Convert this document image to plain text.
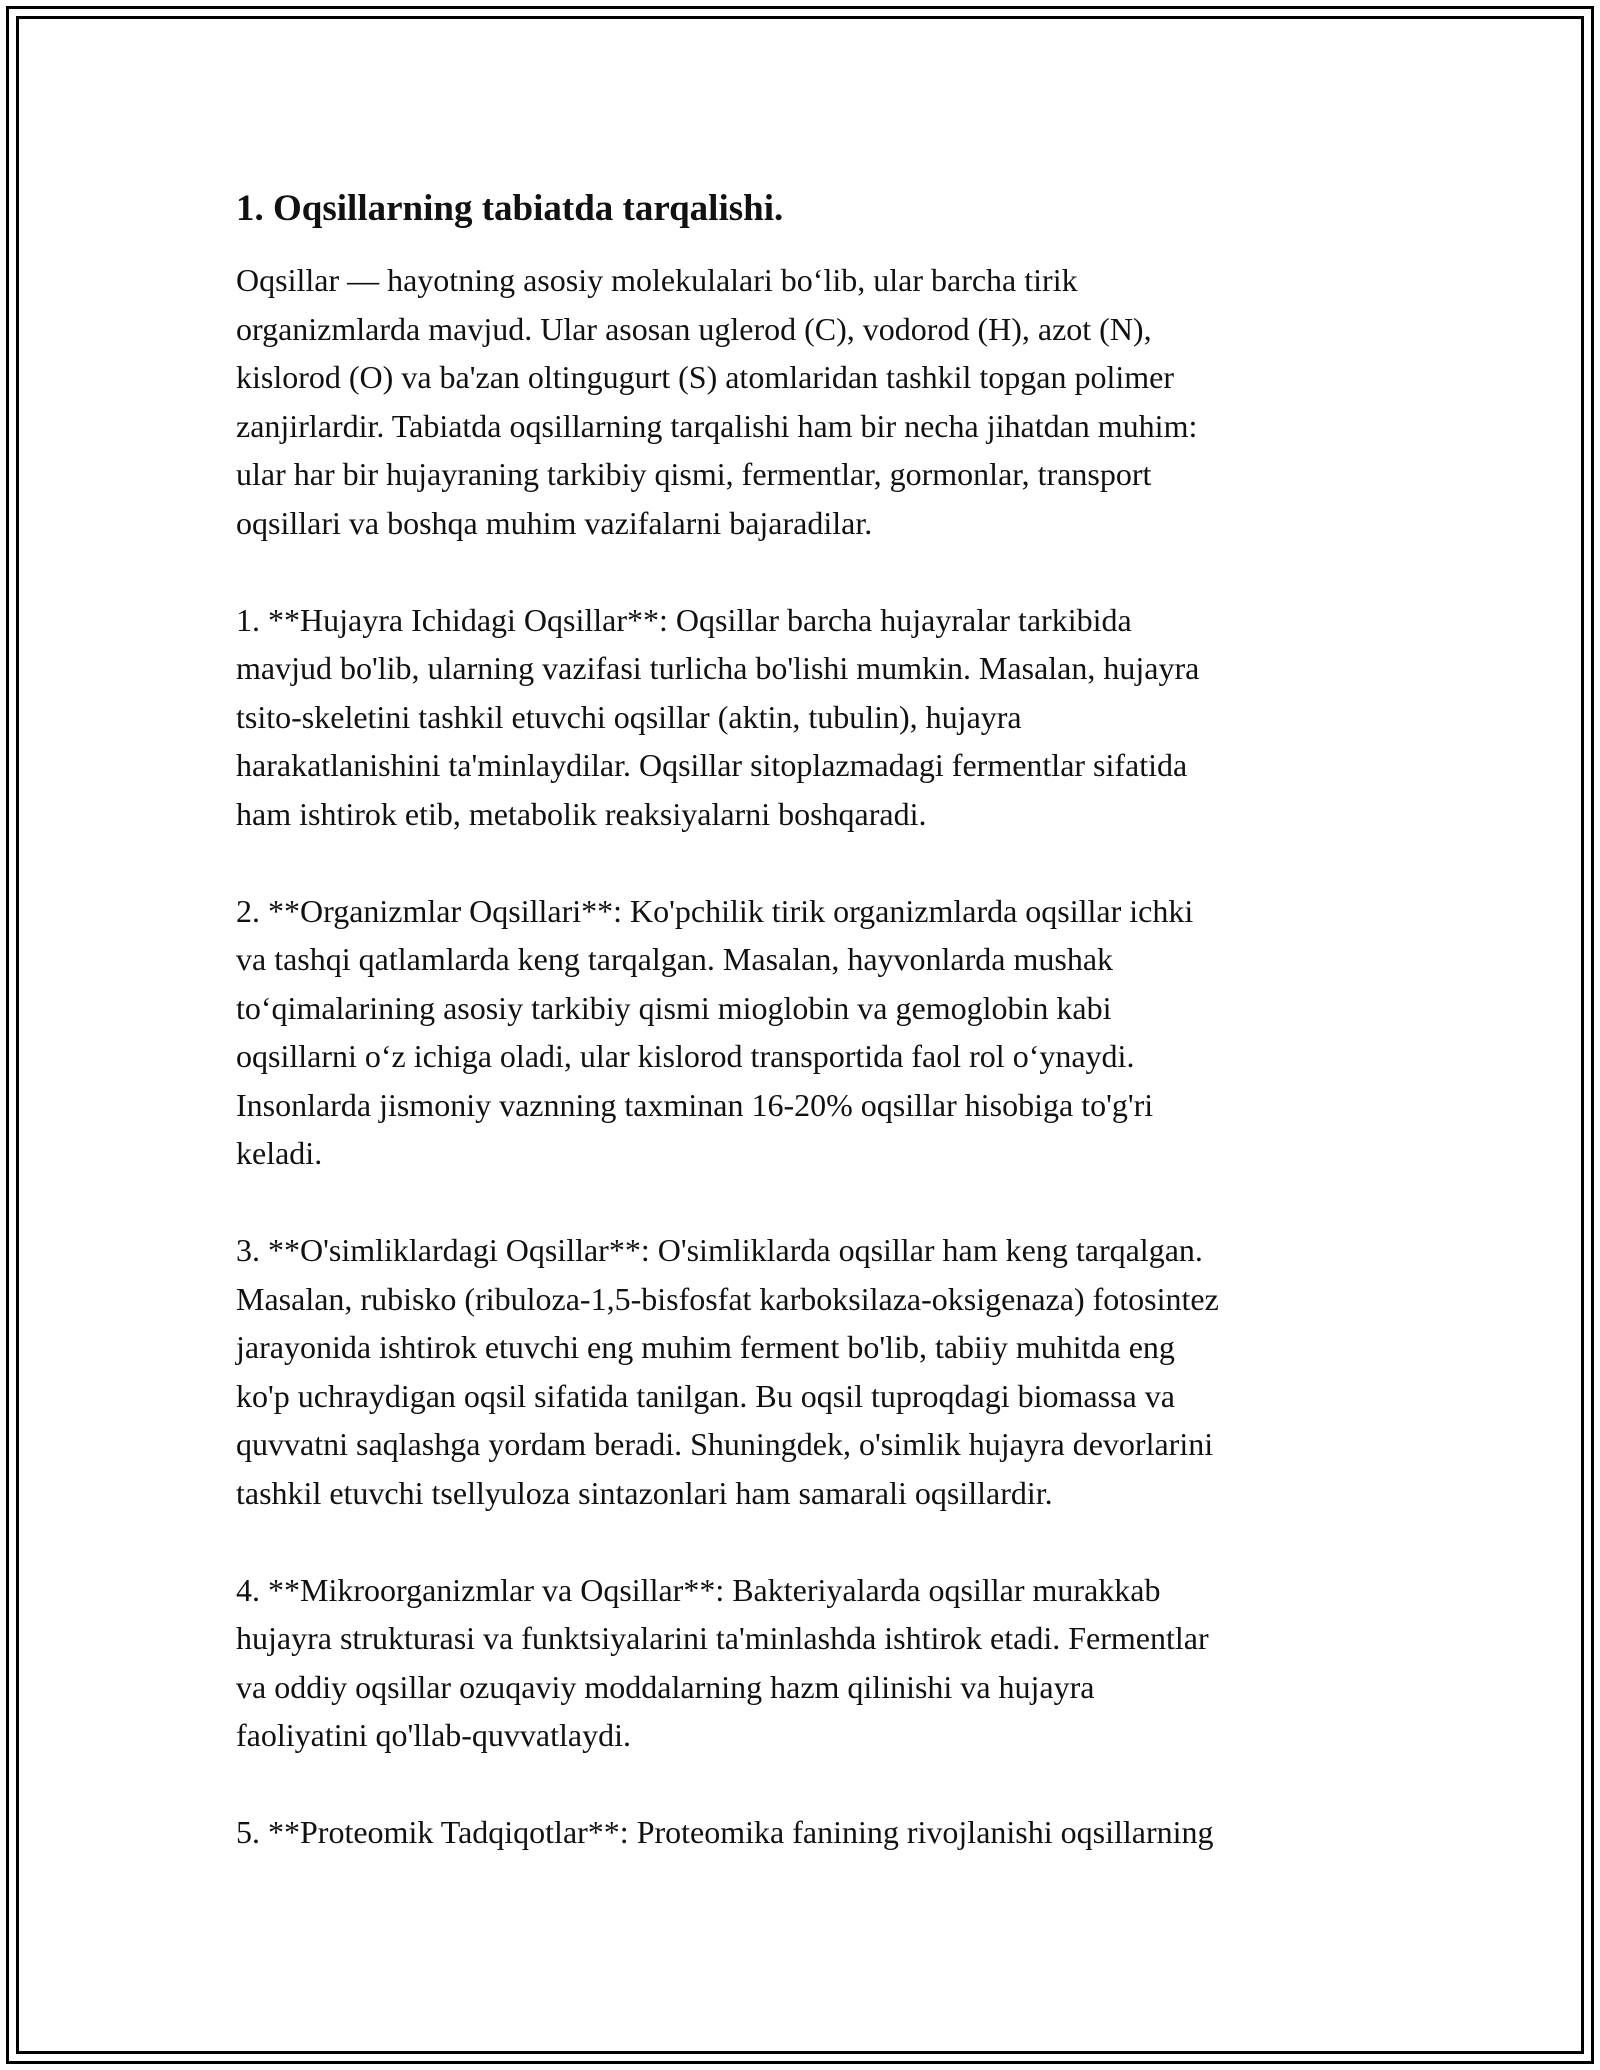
1. Oqsillarning tabiatda tarqalishi.

Oqsillar — hayotning asosiy molekulalari bo‘lib, ular barcha tirik
organizmlarda mavjud. Ular asosan uglerod (C), vodorod (H), azot (N),
kislorod (O) va ba'zan oltingugurt (S) atomlaridan tashkil topgan polimer
zanjirlardir. Tabiatda oqsillarning tarqalishi ham bir necha jihatdan muhim:
ular har bir hujayraning tarkibiy qismi, fermentlar, gormonlar, transport
oqsillari va boshqa muhim vazifalarni bajaradilar.

1. **Hujayra Ichidagi Oqsillar**: Oqsillar barcha hujayralar tarkibida
mavjud bo'lib, ularning vazifasi turlicha bo'lishi mumkin. Masalan, hujayra
tsito-skeletini tashkil etuvchi oqsillar (aktin, tubulin), hujayra
harakatlanishini ta'minlaydilar. Oqsillar sitoplazmadagi fermentlar sifatida
ham ishtirok etib, metabolik reaksiyalarni boshqaradi.

2. **Organizmlar Oqsillari**: Ko'pchilik tirik organizmlarda oqsillar ichki
va tashqi qatlamlarda keng tarqalgan. Masalan, hayvonlarda mushak
to‘qimalarining asosiy tarkibiy qismi mioglobin va gemoglobin kabi
oqsillarni o‘z ichiga oladi, ular kislorod transportida faol rol o‘ynaydi.
Insonlarda jismoniy vaznning taxminan 16-20% oqsillar hisobiga to'g'ri
keladi.

3. **O'simliklardagi Oqsillar**: O'simliklarda oqsillar ham keng tarqalgan.
Masalan, rubisko (ribuloza-1,5-bisfosfat karboksilaza-oksigenaza) fotosintez
jarayonida ishtirok etuvchi eng muhim ferment bo'lib, tabiiy muhitda eng
ko'p uchraydigan oqsil sifatida tanilgan. Bu oqsil tuproqdagi biomassa va
quvvatni saqlashga yordam beradi. Shuningdek, o'simlik hujayra devorlarini
tashkil etuvchi tsellyuloza sintazonlari ham samarali oqsillardir.

4. **Mikroorganizmlar va Oqsillar**: Bakteriyalarda oqsillar murakkab
hujayra strukturasi va funktsiyalarini ta'minlashda ishtirok etadi. Fermentlar
va oddiy oqsillar ozuqaviy moddalarning hazm qilinishi va hujayra
faoliyatini qo'llab-quvvatlaydi.

5. **Proteomik Tadqiqotlar**: Proteomika fanining rivojlanishi oqsillarning
